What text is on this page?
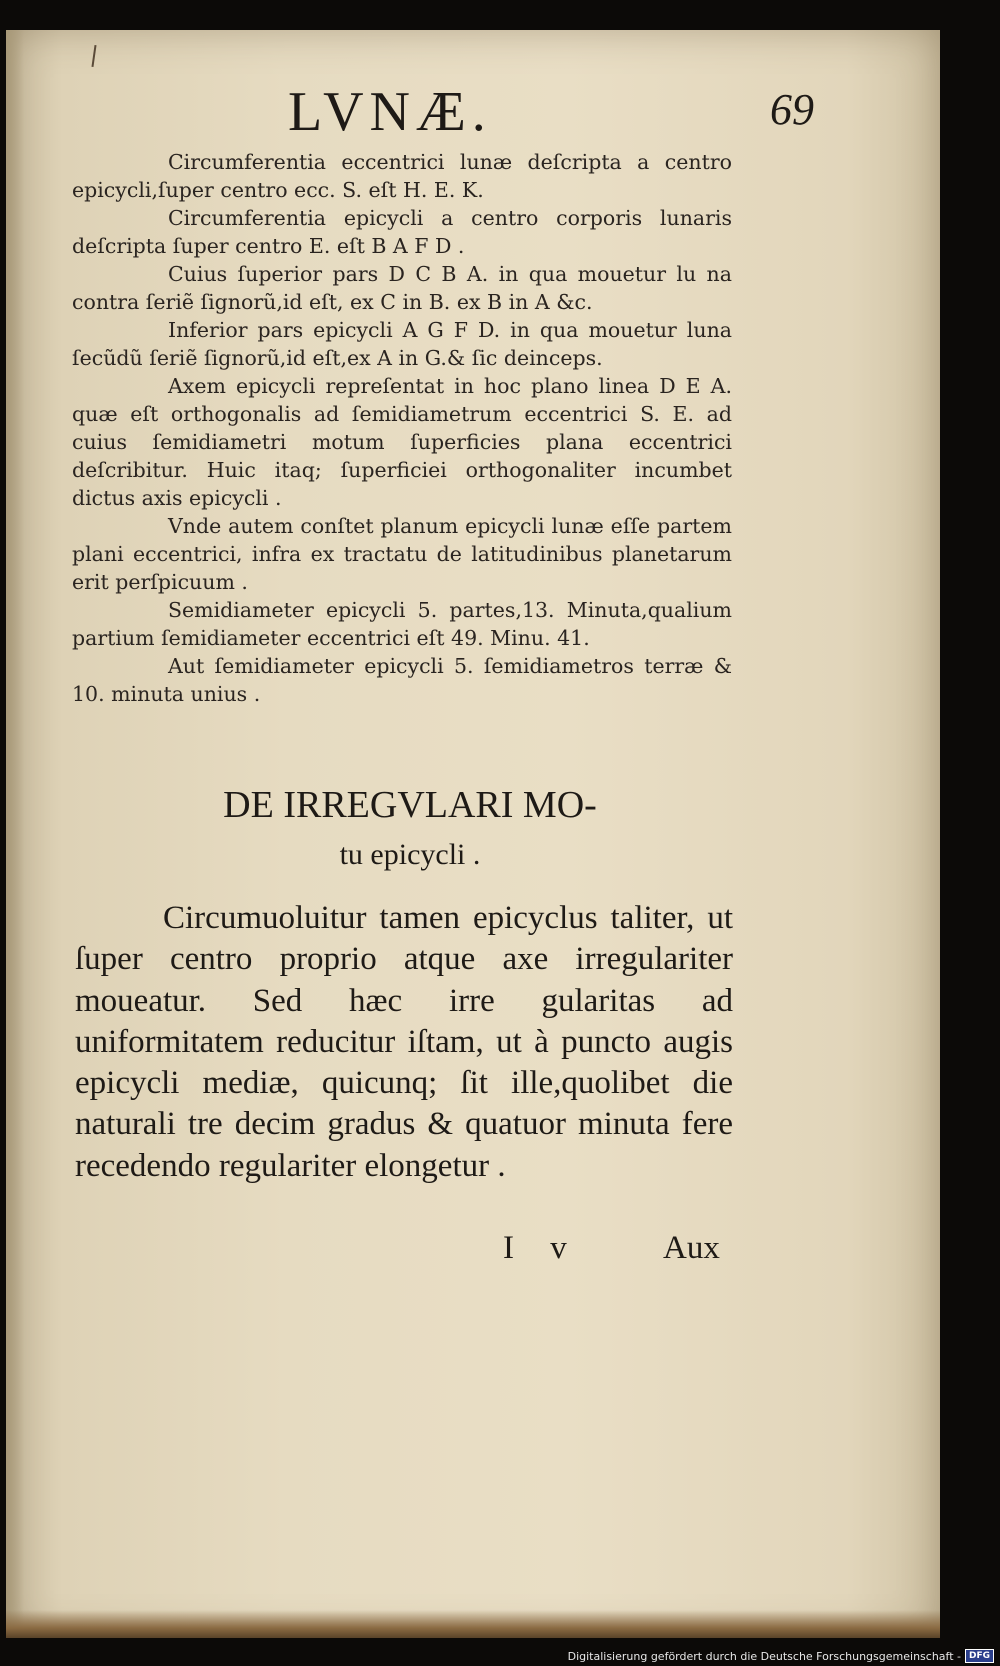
LVNÆ.	69

Circumferentia eccentrici lunæ deſcripta a centro epicycli,ſuper centro ecc. S. eſt H. E. K.

Circumferentia epicycli a centro corporis lunaris deſcripta ſuper centro E. eſt B A F D .

Cuius ſuperior pars D C B A. in qua mouetur lu na contra ſeriẽ ſignorũ,id eſt, ex C in B. ex B in A &c.

Inferior pars epicycli A G F D. in qua mouetur luna ſecũdũ ſeriẽ ſignorũ,id eſt,ex A in G.& ſic deinceps.

Axem epicycli repreſentat in hoc plano linea D E A. quæ eſt orthogonalis ad ſemidiametrum eccentrici S. E. ad cuius ſemidiametri motum ſuperficies plana eccentrici deſcribitur. Huic itaq; ſuperficiei orthogonaliter incumbet dictus axis epicycli .

Vnde autem conſtet planum epicycli lunæ eſſe partem plani eccentrici, infra ex tractatu de latitudinibus planetarum erit perſpicuum .

Semidiameter epicycli 5. partes,13. Minuta,qualium partium ſemidiameter eccentrici eſt 49. Minu. 41.

Aut ſemidiameter epicycli 5. ſemidiametros terræ & 10. minuta unius .

DE IRREGVLARI MO-
tu epicycli .
Circumuoluitur tamen epicyclus taliter, ut ſuper centro proprio atque axe irregulariter moueatur. Sed hæc irre gularitas ad uniformitatem reducitur iſtam, ut à puncto augis epicycli mediæ, quicunq; ſit ille,quolibet die naturali tre decim gradus & quatuor minuta fere recedendo regulariter elongetur .
I v Aux
Digitalisierung gefördert durch die Deutsche Forschungsgemeinschaft - DFG
